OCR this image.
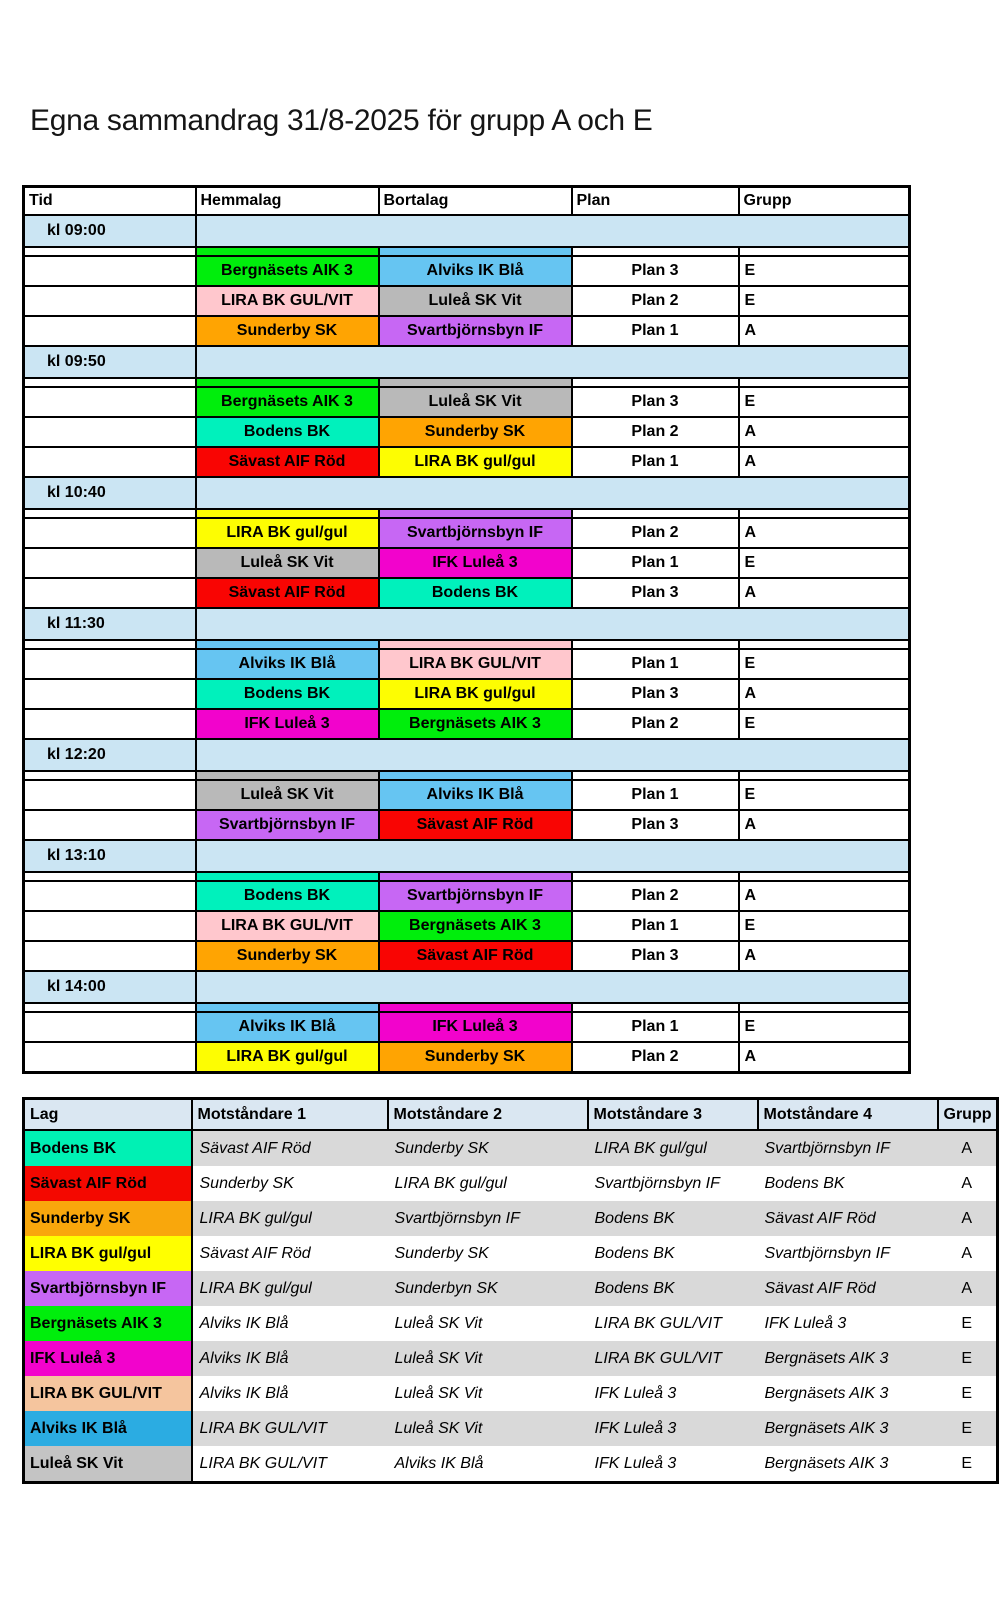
Egna sammandrag 31/8-2025 för grupp A och E
Tid	Hemmalag	Bortalag	Plan	Grupp
kl 09:00				

	Bergnäsets AIK 3	Alviks IK Blå	Plan 3	E
	LIRA BK GUL/VIT	Luleå SK Vit	Plan 2	E
	Sunderby SK	Svartbjörnsbyn IF	Plan 1	A
kl 09:50				

	Bergnäsets AIK 3	Luleå SK Vit	Plan 3	E
	Bodens BK	Sunderby SK	Plan 2	A
	Sävast AIF Röd	LIRA BK gul/gul	Plan 1	A
kl 10:40				

	LIRA BK gul/gul	Svartbjörnsbyn IF	Plan 2	A
	Luleå SK Vit	IFK Luleå 3	Plan 1	E
	Sävast AIF Röd	Bodens BK	Plan 3	A
kl 11:30				

	Alviks IK Blå	LIRA BK GUL/VIT	Plan 1	E
	Bodens BK	LIRA BK gul/gul	Plan 3	A
	IFK Luleå 3	Bergnäsets AIK 3	Plan 2	E
kl 12:20				

	Luleå SK Vit	Alviks IK Blå	Plan 1	E
	Svartbjörnsbyn IF	Sävast AIF Röd	Plan 3	A
kl 13:10				

	Bodens BK	Svartbjörnsbyn IF	Plan 2	A
	LIRA BK GUL/VIT	Bergnäsets AIK 3	Plan 1	E
	Sunderby SK	Sävast AIF Röd	Plan 3	A
kl 14:00				

	Alviks IK Blå	IFK Luleå 3	Plan 1	E
	LIRA BK gul/gul	Sunderby SK	Plan 2	A
Lag	Motståndare 1	Motståndare 2	Motståndare 3	Motståndare 4	Grupp
Bodens BK	Sävast AIF Röd	Sunderby SK	LIRA BK gul/gul	Svartbjörnsbyn IF	A
Sävast AIF Röd	Sunderby SK	LIRA BK gul/gul	Svartbjörnsbyn IF	Bodens BK	A
Sunderby SK	LIRA BK gul/gul	Svartbjörnsbyn IF	Bodens BK	Sävast AIF Röd	A
LIRA BK gul/gul	Sävast AIF Röd	Sunderby SK	Bodens BK	Svartbjörnsbyn IF	A
Svartbjörnsbyn IF	LIRA BK gul/gul	Sunderbyn SK	Bodens BK	Sävast AIF Röd	A
Bergnäsets AIK 3	Alviks IK Blå	Luleå SK Vit	LIRA BK GUL/VIT	IFK Luleå 3	E
IFK Luleå 3	Alviks IK Blå	Luleå SK Vit	LIRA BK GUL/VIT	Bergnäsets AIK 3	E
LIRA BK GUL/VIT	Alviks IK Blå	Luleå SK Vit	IFK Luleå 3	Bergnäsets AIK 3	E
Alviks IK Blå	LIRA BK GUL/VIT	Luleå SK Vit	IFK Luleå 3	Bergnäsets AIK 3	E
Luleå SK Vit	LIRA BK GUL/VIT	Alviks IK Blå	IFK Luleå 3	Bergnäsets AIK 3	E
